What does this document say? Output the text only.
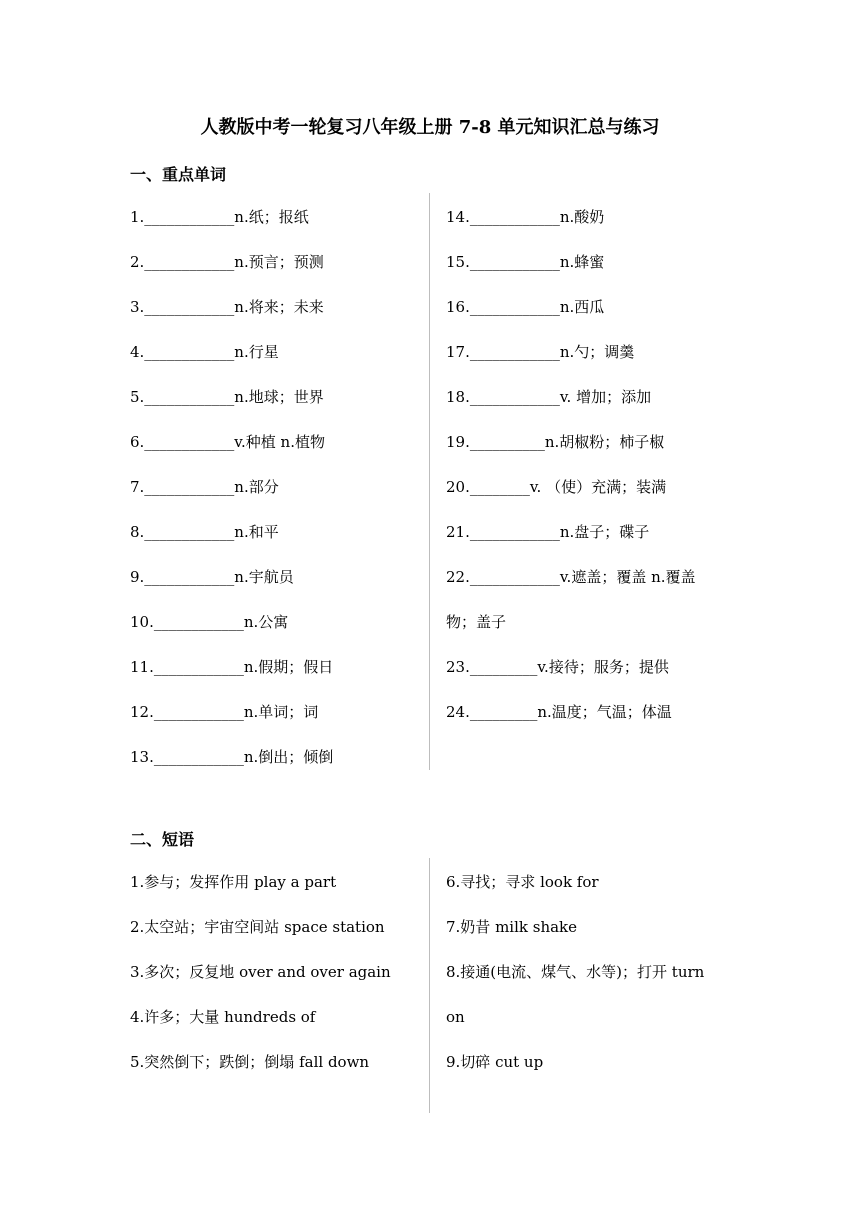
人教版中考一轮复习八年级上册 7-8 单元知识汇总与练习
一、重点单词
1.____________n.纸；报纸
2.____________n.预言；预测
3.____________n.将来；未来
4.____________n.行星
5.____________n.地球；世界
6.____________v.种植 n.植物
7.____________n.部分
8.____________n.和平
9.____________n.宇航员
10.____________n.公寓
11.____________n.假期；假日
12.____________n.单词；词
13.____________n.倒出；倾倒
14.____________n.酸奶
15.____________n.蜂蜜
16.____________n.西瓜
17.____________n.勺；调羹
18.____________v. 增加；添加
19.__________n.胡椒粉；柿子椒
20.________v. （使）充满；装满
21.____________n.盘子；碟子
22.____________v.遮盖；覆盖 n.覆盖
物；盖子
23._________v.接待；服务；提供
24._________n.温度；气温；体温
二、短语
1.参与；发挥作用 play a part
2.太空站；宇宙空间站 space station
3.多次；反复地 over and over again
4.许多；大量 hundreds of
5.突然倒下；跌倒；倒塌 fall down
6.寻找；寻求 look for
7.奶昔 milk shake
8.接通(电流、煤气、水等)；打开 turn
on
9.切碎 cut up
